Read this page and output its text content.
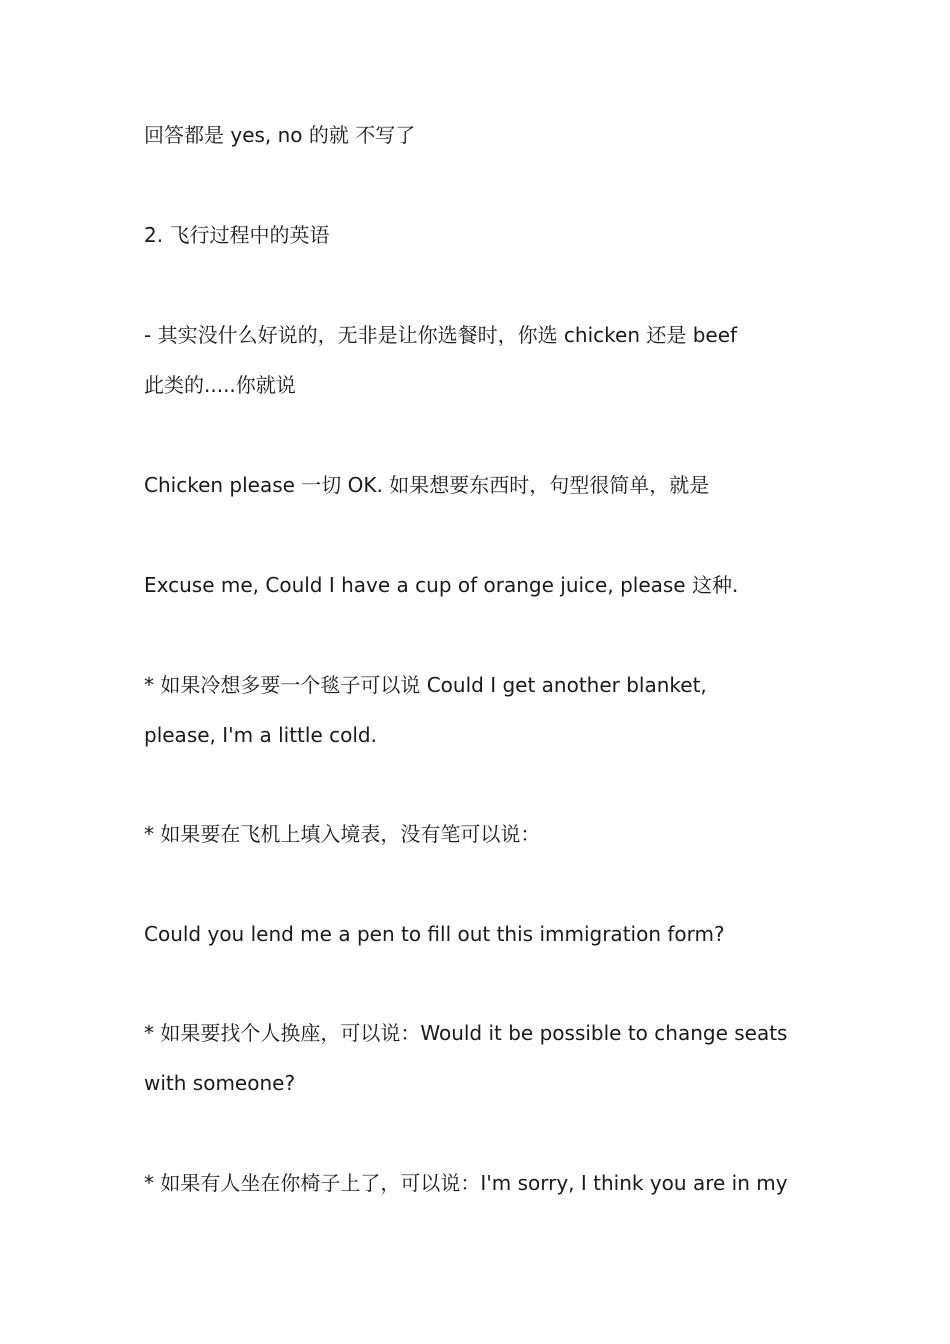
回答都是 yes, no 的就 不写了
2. 飞行过程中的英语
- 其实没什么好说的，无非是让你选餐时，你选 chicken 还是 beef
此类的.....你就说
Chicken please 一切 OK. 如果想要东西时，句型很简单，就是
Excuse me, Could I have a cup of orange juice, please 这种.
* 如果冷想多要一个毯子可以说 Could I get another blanket,
please, I'm a little cold.
* 如果要在飞机上填入境表，没有笔可以说：
Could you lend me a pen to fill out this immigration form?
* 如果要找个人换座，可以说：Would it be possible to change seats
with someone?
* 如果有人坐在你椅子上了，可以说：I'm sorry, I think you are in my
